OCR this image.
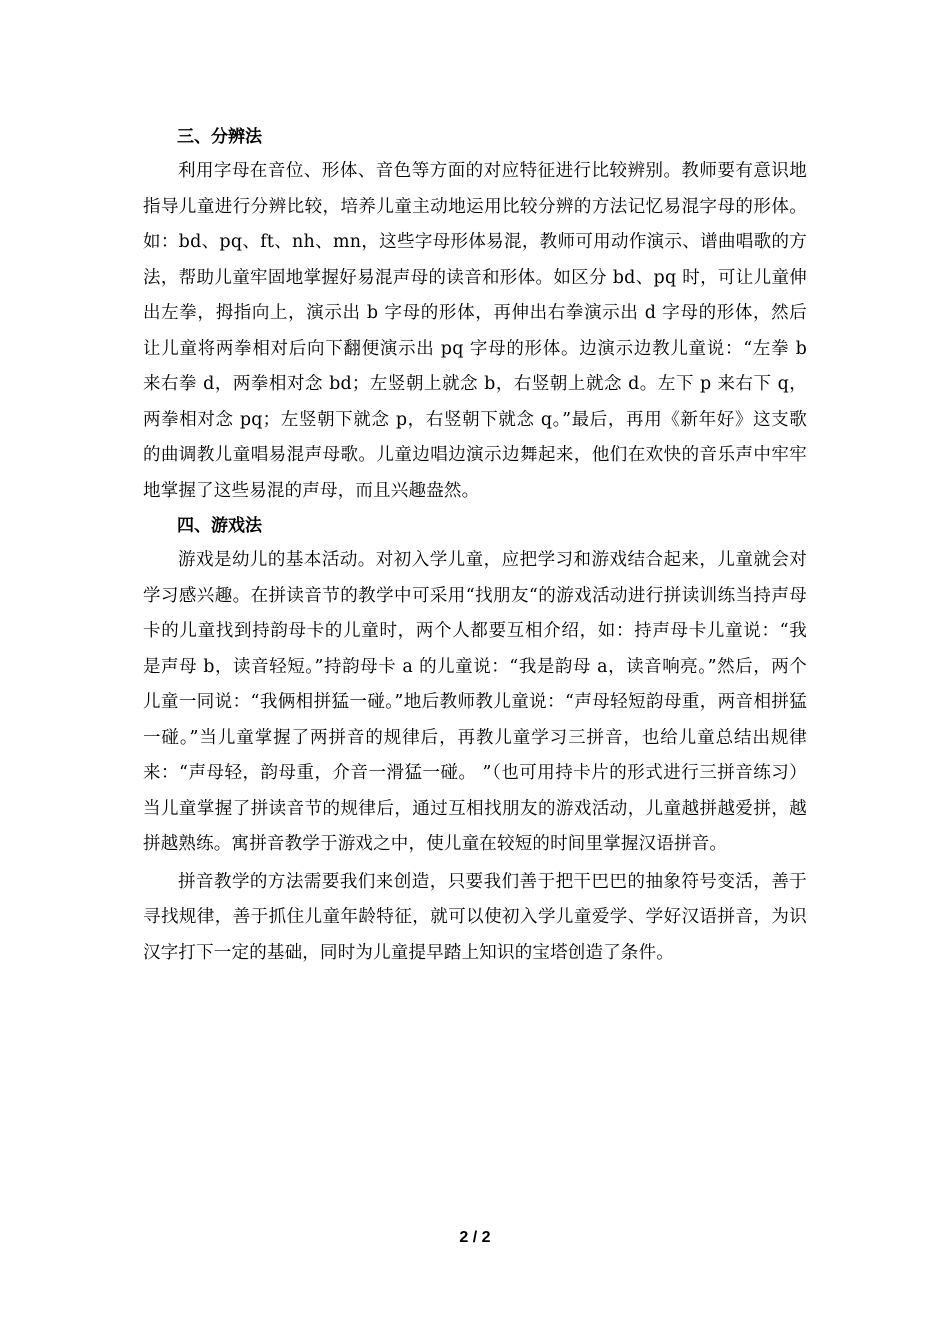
三、分辨法

利用字母在音位、形体、音色等方面的对应特征进行比较辨别。教师要有意识地指导儿童进行分辨比较，培养儿童主动地运用比较分辨的方法记忆易混字母的形体。如：bd、pq、ft、nh、mn，这些字母形体易混，教师可用动作演示、谱曲唱歌的方法，帮助儿童牢固地掌握好易混声母的读音和形体。如区分 bd、pq 时，可让儿童伸出左拳，拇指向上，演示出 b 字母的形体，再伸出右拳演示出 d 字母的形体，然后让儿童将两拳相对后向下翻便演示出 pq 字母的形体。边演示边教儿童说：“左拳 b 来右拳 d，两拳相对念 bd；左竖朝上就念 b，右竖朝上就念 d。左下 p 来右下 q，两拳相对念 pq；左竖朝下就念 p，右竖朝下就念 q。”最后，再用《新年好》这支歌的曲调教儿童唱易混声母歌。儿童边唱边演示边舞起来，他们在欢快的音乐声中牢牢地掌握了这些易混的声母，而且兴趣盎然。

四、游戏法

游戏是幼儿的基本活动。对初入学儿童，应把学习和游戏结合起来，儿童就会对学习感兴趣。在拼读音节的教学中可采用“找朋友“的游戏活动进行拼读训练当持声母卡的儿童找到持韵母卡的儿童时，两个人都要互相介绍，如：持声母卡儿童说：“我是声母 b，读音轻短。”持韵母卡 a 的儿童说：“我是韵母 a，读音响亮。”然后，两个儿童一同说：“我俩相拼猛一碰。”地后教师教儿童说：“声母轻短韵母重，两音相拼猛一碰。”当儿童掌握了两拼音的规律后，再教儿童学习三拼音，也给儿童总结出规律来：“声母轻，韵母重，介音一滑猛一碰。 ”（也可用持卡片的形式进行三拼音练习）当儿童掌握了拼读音节的规律后，通过互相找朋友的游戏活动，儿童越拼越爱拼，越拼越熟练。寓拼音教学于游戏之中，使儿童在较短的时间里掌握汉语拼音。

拼音教学的方法需要我们来创造，只要我们善于把干巴巴的抽象符号变活，善于寻找规律，善于抓住儿童年龄特征，就可以使初入学儿童爱学、学好汉语拼音，为识汉字打下一定的基础，同时为儿童提早踏上知识的宝塔创造了条件。

2 / 2
